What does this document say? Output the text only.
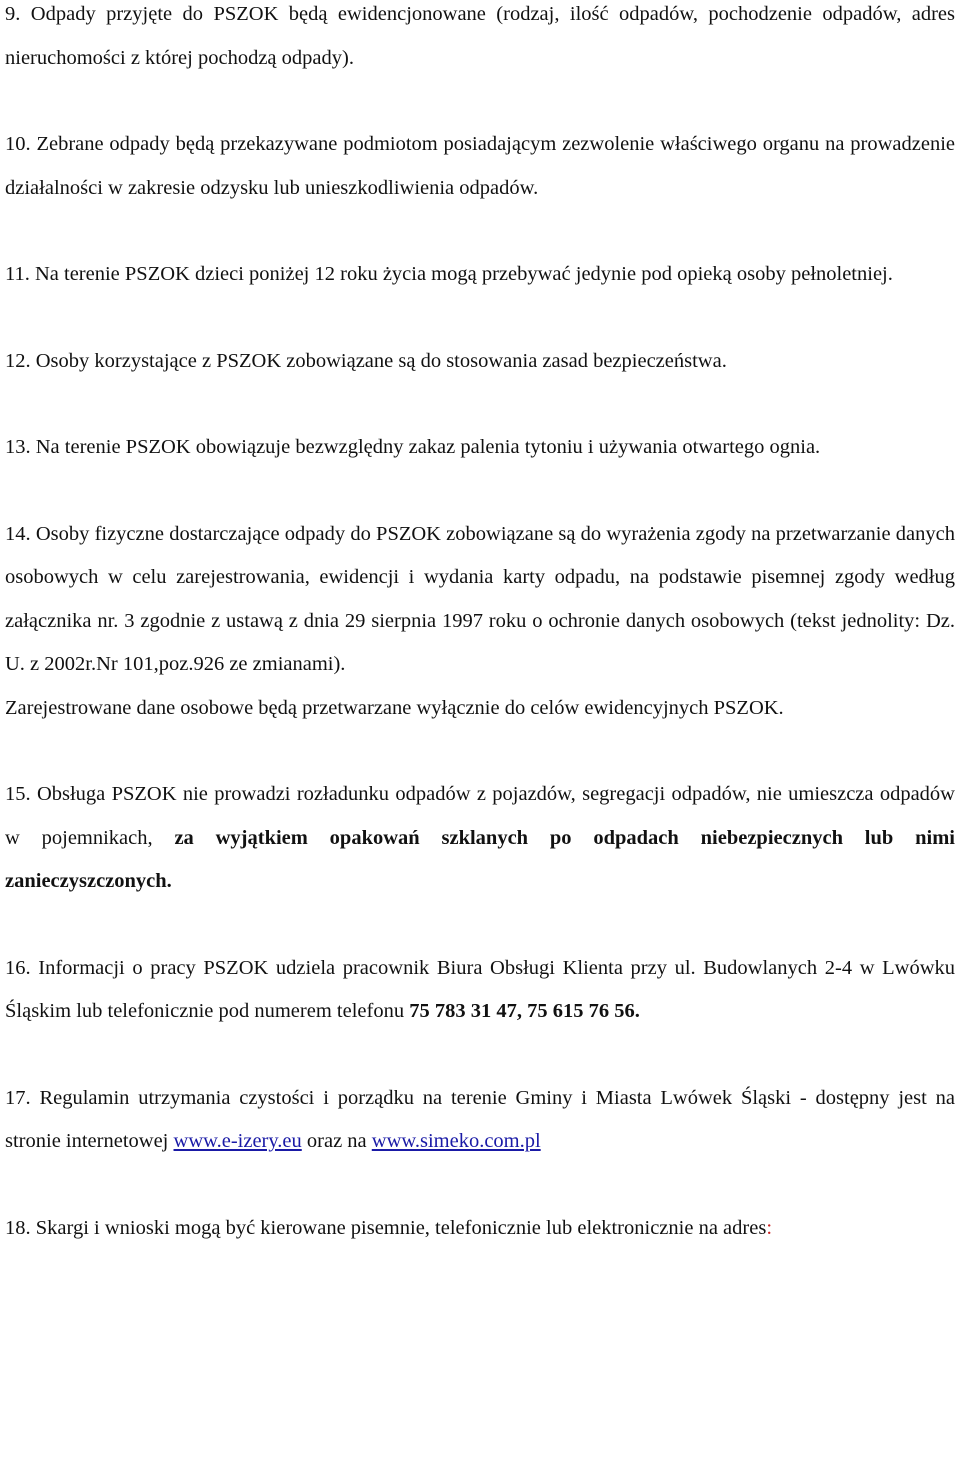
9. Odpady przyjęte do PSZOK będą ewidencjonowane (rodzaj, ilość odpadów, pochodzenie odpadów, adres nieruchomości z której pochodzą odpady).

10. Zebrane odpady będą przekazywane podmiotom posiadającym zezwolenie właściwego organu na prowadzenie działalności w zakresie odzysku lub unieszkodliwienia odpadów.

11. Na terenie PSZOK dzieci poniżej 12 roku życia mogą przebywać jedynie pod opieką osoby pełnoletniej.

12. Osoby korzystające z PSZOK zobowiązane są do stosowania zasad bezpieczeństwa.

13. Na terenie PSZOK obowiązuje bezwzględny zakaz palenia tytoniu i używania otwartego ognia.

14. Osoby fizyczne dostarczające odpady do PSZOK zobowiązane są do wyrażenia zgody na przetwarzanie danych osobowych w celu zarejestrowania, ewidencji i wydania karty odpadu, na podstawie pisemnej zgody według załącznika nr. 3 zgodnie z ustawą z dnia 29 sierpnia 1997 roku o ochronie danych osobowych (tekst jednolity: Dz. U. z 2002r.Nr 101,poz.926 ze zmianami).

Zarejestrowane dane osobowe będą przetwarzane wyłącznie do celów ewidencyjnych PSZOK.

15. Obsługa PSZOK nie prowadzi rozładunku odpadów z pojazdów, segregacji odpadów, nie umieszcza odpadów w pojemnikach, za wyjątkiem opakowań szklanych po odpadach niebezpiecznych lub nimi zanieczyszczonych.

16. Informacji o pracy PSZOK udziela pracownik Biura Obsługi Klienta przy ul. Budowlanych 2-4 w Lwówku Śląskim lub telefonicznie pod numerem telefonu 75 783 31 47, 75 615 76 56.

17. Regulamin utrzymania czystości i porządku na terenie Gminy i Miasta Lwówek Śląski - dostępny jest na stronie internetowej www.e-izery.eu oraz na www.simeko.com.pl

18. Skargi i wnioski mogą być kierowane pisemnie, telefonicznie lub elektronicznie na adres:
